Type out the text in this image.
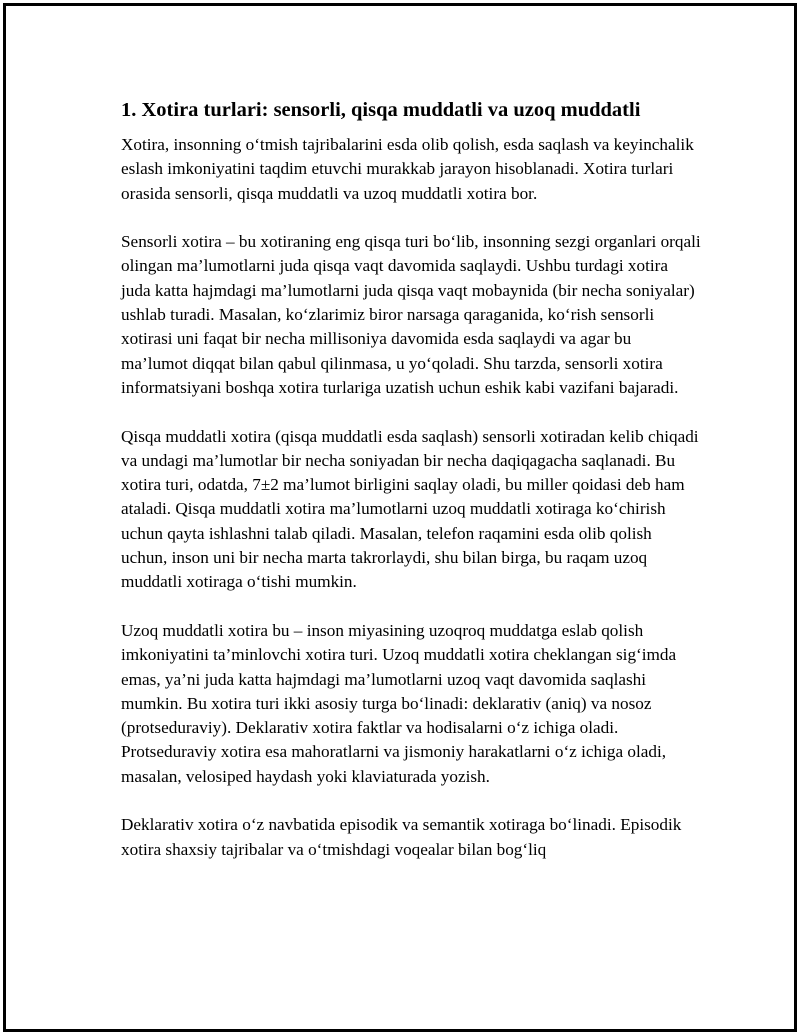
1. Xotira turlari: sensorli, qisqa muddatli va uzoq muddatli

Xotira, insonning o‘tmish tajribalarini esda olib qolish, esda saqlash va keyinchalik eslash imkoniyatini taqdim etuvchi murakkab jarayon hisoblanadi. Xotira turlari orasida sensorli, qisqa muddatli va uzoq muddatli xotira bor.

Sensorli xotira – bu xotiraning eng qisqa turi bo‘lib, insonning sezgi organlari orqali olingan ma’lumotlarni juda qisqa vaqt davomida saqlaydi. Ushbu turdagi xotira juda katta hajmdagi ma’lumotlarni juda qisqa vaqt mobaynida (bir necha soniyalar) ushlab turadi. Masalan, ko‘zlarimiz biror narsaga qaraganida, ko‘rish sensorli xotirasi uni faqat bir necha millisoniya davomida esda saqlaydi va agar bu ma’lumot diqqat bilan qabul qilinmasa, u yo‘qoladi. Shu tarzda, sensorli xotira informatsiyani boshqa xotira turlariga uzatish uchun eshik kabi vazifani bajaradi.

Qisqa muddatli xotira (qisqa muddatli esda saqlash) sensorli xotiradan kelib chiqadi va undagi ma’lumotlar bir necha soniyadan bir necha daqiqagacha saqlanadi. Bu xotira turi, odatda, 7±2 ma’lumot birligini saqlay oladi, bu miller qoidasi deb ham ataladi. Qisqa muddatli xotira ma’lumotlarni uzoq muddatli xotiraga ko‘chirish uchun qayta ishlashni talab qiladi. Masalan, telefon raqamini esda olib qolish uchun, inson uni bir necha marta takrorlaydi, shu bilan birga, bu raqam uzoq muddatli xotiraga o‘tishi mumkin.

Uzoq muddatli xotira bu – inson miyasining uzoqroq muddatga eslab qolish imkoniyatini ta’minlovchi xotira turi. Uzoq muddatli xotira cheklangan sig‘imda emas, ya’ni juda katta hajmdagi ma’lumotlarni uzoq vaqt davomida saqlashi mumkin. Bu xotira turi ikki asosiy turga bo‘linadi: deklarativ (aniq) va nosoz (protseduraviy). Deklarativ xotira faktlar va hodisalarni o‘z ichiga oladi. Protseduraviy xotira esa mahoratlarni va jismoniy harakatlarni o‘z ichiga oladi, masalan, velosiped haydash yoki klaviaturada yozish.

Deklarativ xotira o‘z navbatida episodik va semantik xotiraga bo‘linadi. Episodik xotira shaxsiy tajribalar va o‘tmishdagi voqealar bilan bog‘liq
